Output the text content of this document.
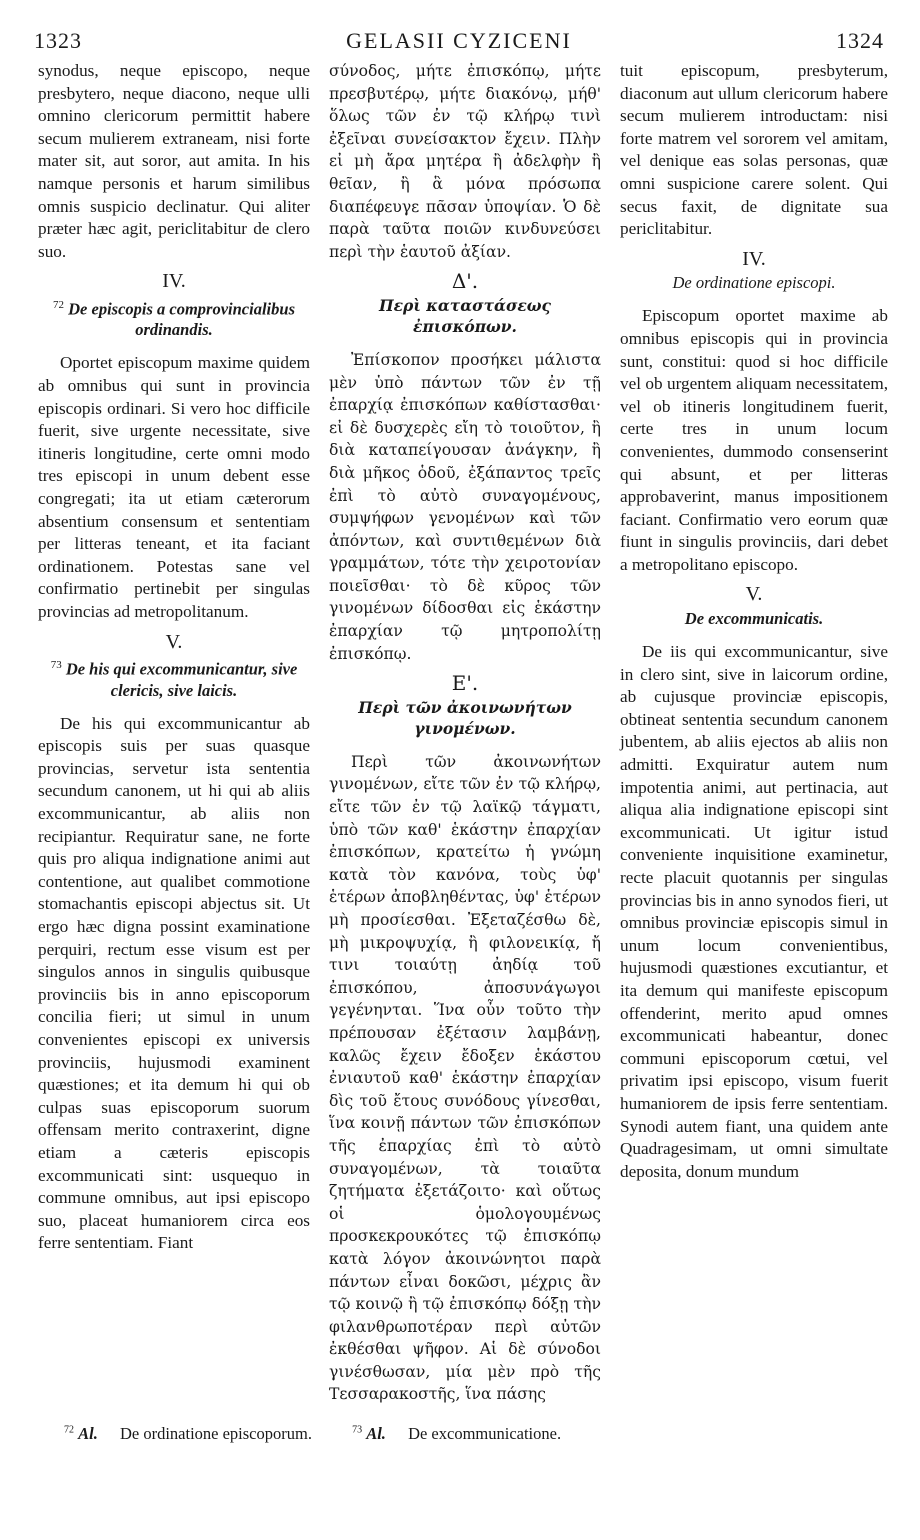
1323	GELASII CYZICENI	1324

synodus, neque episcopo, neque presbytero, neque diacono, neque ulli omnino clericorum permittit habere secum mulierem extraneam, nisi forte mater sit, aut soror, aut amita. In his namque personis et harum similibus omnis suspicio declinatur. Qui aliter præter hæc agit, periclitabitur de clero suo.

IV.
$^{72}$ De episcopis a comprovincialibus ordinandis.

Oportet episcopum maxime quidem ab omnibus qui sunt in provincia episcopis ordinari. Si vero hoc difficile fuerit, sive urgente necessitate, sive itineris longitudine, certe omni modo tres episcopi in unum debent esse congregati; ita ut etiam cæterorum absentium consensum et sententiam per litteras teneant, et ita faciant ordinationem. Potestas sane vel confirmatio pertinebit per singulas provincias ad metropolitanum.

V.
$^{73}$ De his qui excommunicantur, sive clericis, sive laicis.

De his qui excommunicantur ab episcopis suis per suas quasque provincias, servetur ista sententia secundum canonem, ut hi qui ab aliis excommunicantur, ab aliis non recipiantur. Requiratur sane, ne forte quis pro aliqua indignatione animi aut contentione, aut qualibet commotione stomachantis episcopi abjectus sit. Ut ergo hæc digna possint examinatione perquiri, rectum esse visum est per singulos annos in singulis quibusque provinciis bis in anno episcoporum concilia fieri; ut simul in unum convenientes episcopi ex universis provinciis, hujusmodi examinent quæstiones; et ita demum hi qui ob culpas suas episcoporum suorum offensam merito contraxerint, digne etiam a cæteris episcopis excommunicati sint: usquequo in commune omnibus, aut ipsi episcopo suo, placeat humaniorem circa eos ferre sententiam. Fiant

σύνοδος, μήτε ἐπισκόπῳ, μήτε πρεσβυτέρῳ, μήτε διακόνῳ, μήθ' ὅλως τῶν ἐν τῷ κλήρῳ τινὶ ἐξεῖναι συνείσακτον ἔχειν. Πλὴν εἰ μὴ ἄρα μητέρα ἢ ἀδελφὴν ἢ θεῖαν, ἢ ἃ μόνα πρόσωπα διαπέφευγε πᾶσαν ὑποψίαν. Ὁ δὲ παρὰ ταῦτα ποιῶν κινδυνεύσει περὶ τὴν ἑαυτοῦ ἀξίαν.

Δ'.
Περὶ καταστάσεως ἐπισκόπων.

Ἐπίσκοπον προσήκει μάλιστα μὲν ὑπὸ πάντων τῶν ἐν τῇ ἐπαρχίᾳ ἐπισκόπων καθίστασθαι· εἰ δὲ δυσχερὲς εἴη τὸ τοιοῦτον, ἢ διὰ καταπείγουσαν ἀνάγκην, ἢ διὰ μῆκος ὁδοῦ, ἐξάπαντος τρεῖς ἐπὶ τὸ αὐτὸ συναγομένους, συμψήφων γενομένων καὶ τῶν ἀπόντων, καὶ συντιθεμένων διὰ γραμμάτων, τότε τὴν χειροτονίαν ποιεῖσθαι· τὸ δὲ κῦρος τῶν γινομένων δίδοσθαι εἰς ἑκάστην ἐπαρχίαν τῷ μητροπολίτῃ ἐπισκόπῳ.

Ε'.
Περὶ τῶν ἀκοινωνήτων γινομένων.

Περὶ τῶν ἀκοινωνήτων γινομένων, εἴτε τῶν ἐν τῷ κλήρῳ, εἴτε τῶν ἐν τῷ λαϊκῷ τάγματι, ὑπὸ τῶν καθ' ἑκάστην ἐπαρχίαν ἐπισκόπων, κρατείτω ἡ γνώμη κατὰ τὸν κανόνα, τοὺς ὑφ' ἑτέρων ἀποβληθέντας, ὑφ' ἑτέρων μὴ προσίεσθαι. Ἐξεταζέσθω δὲ, μὴ μικροψυχίᾳ, ἢ φιλονεικίᾳ, ἤ τινι τοιαύτῃ ἀηδίᾳ τοῦ ἐπισκόπου, ἀποσυνάγωγοι γεγένηνται. Ἵνα οὖν τοῦτο τὴν πρέπουσαν ἐξέτασιν λαμβάνῃ, καλῶς ἔχειν ἔδοξεν ἑκάστου ἐνιαυτοῦ καθ' ἑκάστην ἐπαρχίαν δὶς τοῦ ἔτους συνόδους γίνεσθαι, ἵνα κοινῇ πάντων τῶν ἐπισκόπων τῆς ἐπαρχίας ἐπὶ τὸ αὐτὸ συναγομένων, τὰ τοιαῦτα ζητήματα ἐξετάζοιτο· καὶ οὕτως οἱ ὁμολογουμένως προσκεκρουκότες τῷ ἐπισκόπῳ κατὰ λόγον ἀκοινώνητοι παρὰ πάντων εἶναι δοκῶσι, μέχρις ἂν τῷ κοινῷ ἢ τῷ ἐπισκόπῳ δόξῃ τὴν φιλανθρωποτέραν περὶ αὐτῶν ἐκθέσθαι ψῆφον. Αἱ δὲ σύνοδοι γινέσθωσαν, μία μὲν πρὸ τῆς Τεσσαρακοστῆς, ἵνα πάσης

tuit episcopum, presbyterum, diaconum aut ullum clericorum habere secum mulierem introductam: nisi forte matrem vel sororem vel amitam, vel denique eas solas personas, quæ omni suspicione carere solent. Qui secus faxit, de dignitate sua periclitabitur.

IV.
De ordinatione episcopi.

Episcopum oportet maxime ab omnibus episcopis qui in provincia sunt, constitui: quod si hoc difficile vel ob urgentem aliquam necessitatem, vel ob itineris longitudinem fuerit, certe tres in unum locum convenientes, dummodo consenserint qui absunt, et per litteras approbaverint, manus impositionem faciant. Confirmatio vero eorum quæ fiunt in singulis provinciis, dari debet a metropolitano episcopo.

V.
De excommunicatis.

De iis qui excommunicantur, sive in clero sint, sive in laicorum ordine, ab cujusque provinciæ episcopis, obtineat sententia secundum canonem jubentem, ab aliis ejectos ab aliis non admitti. Exquiratur autem num impotentia animi, aut pertinacia, aut aliqua alia indignatione episcopi sint excommunicati. Ut igitur istud conveniente inquisitione examinetur, recte placuit quotannis per singulas provincias bis in anno synodos fieri, ut omnibus provinciæ episcopis simul in unum locum convenientibus, hujusmodi quæstiones excutiantur, et ita demum qui manifeste episcopum offenderint, merito apud omnes excommunicati habeantur, donec communi episcoporum cœtui, vel privatim ipsi episcopo, visum fuerit humaniorem de ipsis ferre sententiam. Synodi autem fiant, una quidem ante Quadragesimam, ut omni simultate deposita, donum mundum

$^{72}$ Al. De ordinatione episcoporum.	$^{73}$ Al. De excommunicatione.
